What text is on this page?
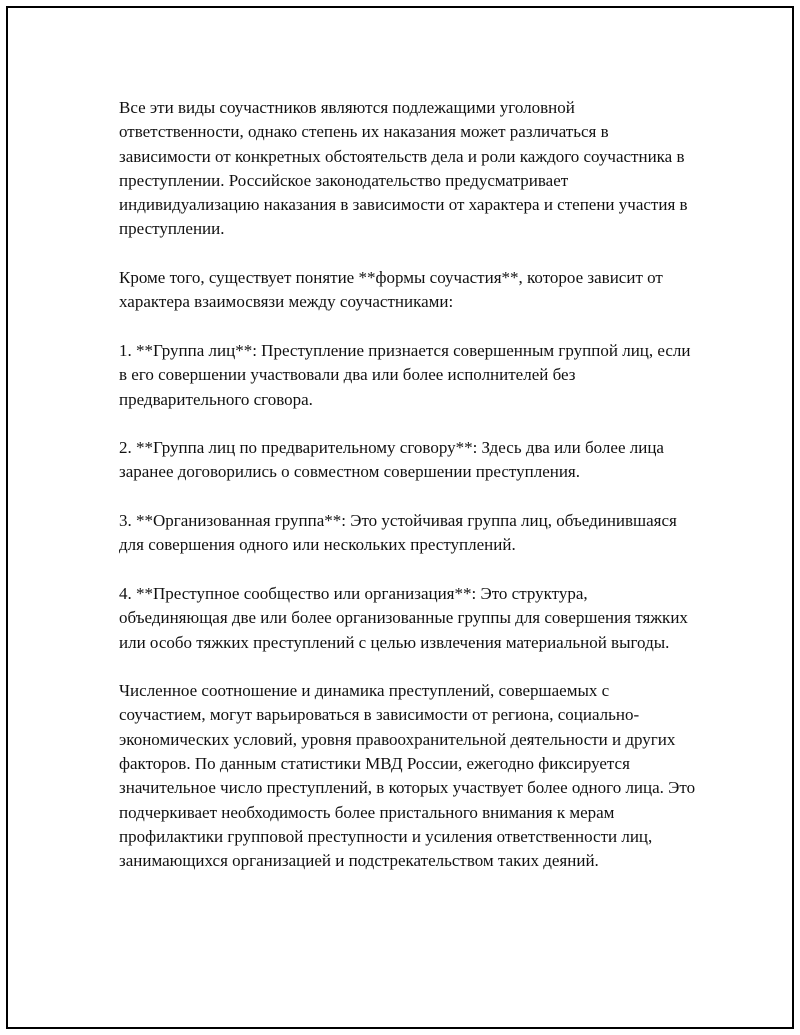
Все эти виды соучастников являются подлежащими уголовной ответственности, однако степень их наказания может различаться в зависимости от конкретных обстоятельств дела и роли каждого соучастника в преступлении. Российское законодательство предусматривает индивидуализацию наказания в зависимости от характера и степени участия в преступлении.

Кроме того, существует понятие **формы соучастия**, которое зависит от характера взаимосвязи между соучастниками:

1. **Группа лиц**: Преступление признается совершенным группой лиц, если в его совершении участвовали два или более исполнителей без предварительного сговора.

2. **Группа лиц по предварительному сговору**: Здесь два или более лица заранее договорились о совместном совершении преступления.

3. **Организованная группа**: Это устойчивая группа лиц, объединившаяся для совершения одного или нескольких преступлений.

4. **Преступное сообщество или организация**: Это структура, объединяющая две или более организованные группы для совершения тяжких или особо тяжких преступлений с целью извлечения материальной выгоды.

Численное соотношение и динамика преступлений, совершаемых с соучастием, могут варьироваться в зависимости от региона, социально-экономических условий, уровня правоохранительной деятельности и других факторов. По данным статистики МВД России, ежегодно фиксируется значительное число преступлений, в которых участвует более одного лица. Это подчеркивает необходимость более пристального внимания к мерам профилактики групповой преступности и усиления ответственности лиц, занимающихся организацией и подстрекательством таких деяний.
